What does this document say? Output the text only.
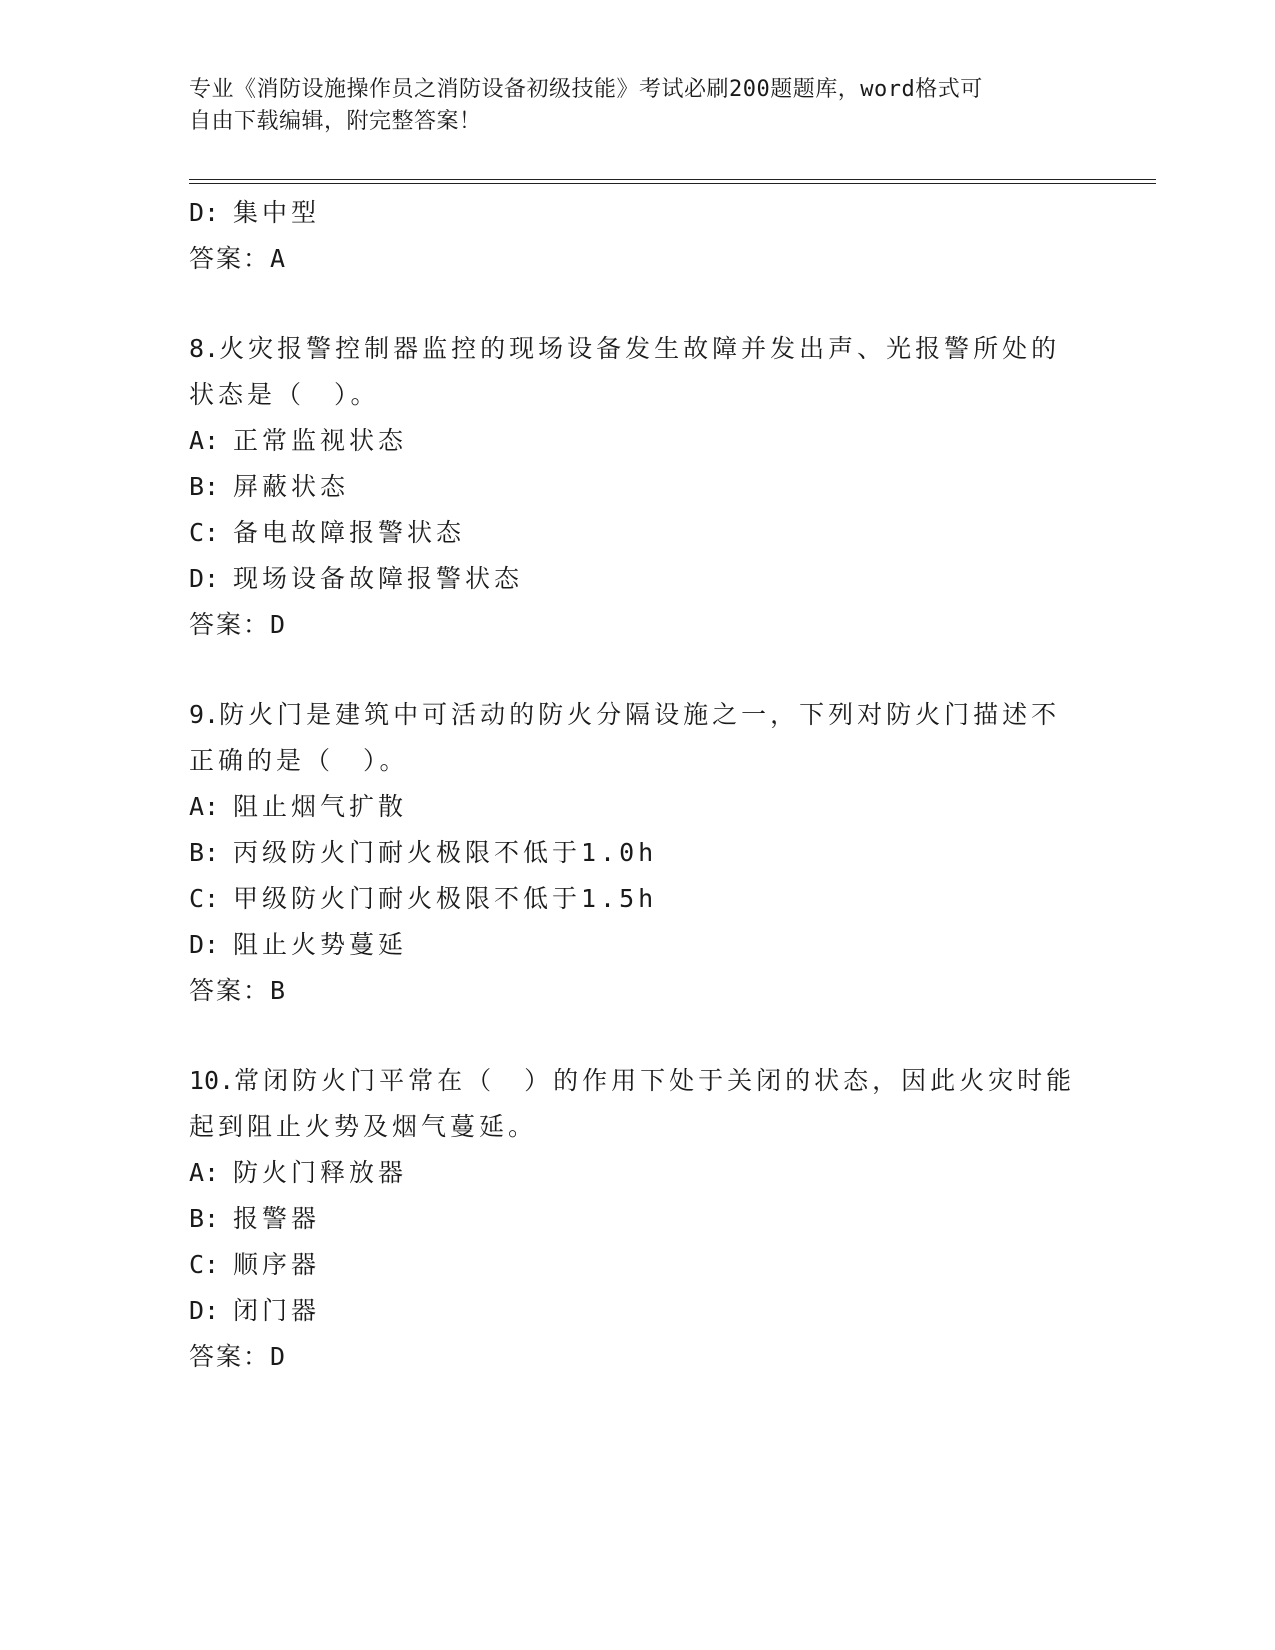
专业《消防设施操作员之消防设备初级技能》考试必刷200题题库，word格式可
自由下载编辑，附完整答案！
D: 集中型
答案：A
8.火灾报警控制器监控的现场设备发生故障并发出声、光报警所处的
状态是（　）。
A: 正常监视状态
B: 屏蔽状态
C: 备电故障报警状态
D: 现场设备故障报警状态
答案：D
9.防火门是建筑中可活动的防火分隔设施之一，下列对防火门描述不
正确的是（　）。
A: 阻止烟气扩散
B: 丙级防火门耐火极限不低于1.0h
C: 甲级防火门耐火极限不低于1.5h
D: 阻止火势蔓延
答案：B
10.常闭防火门平常在（　）的作用下处于关闭的状态，因此火灾时能
起到阻止火势及烟气蔓延。
A: 防火门释放器
B: 报警器
C: 顺序器
D: 闭门器
答案：D
